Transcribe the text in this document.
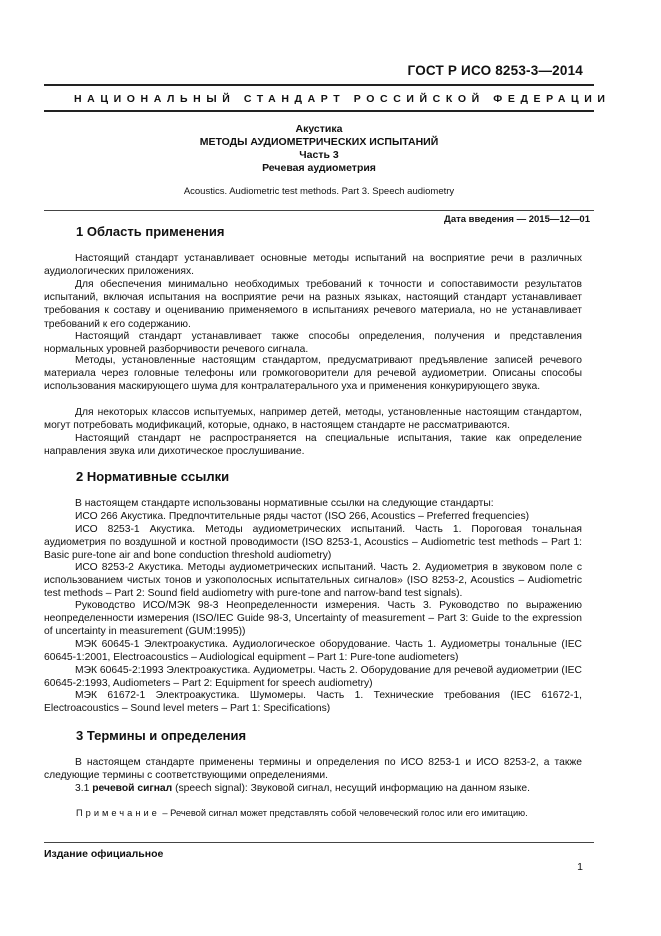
ГОСТ Р ИСО 8253-3—2014
НАЦИОНАЛЬНЫЙ СТАНДАРТ РОССИЙСКОЙ ФЕДЕРАЦИИ
Акустика
МЕТОДЫ АУДИОМЕТРИЧЕСКИХ ИСПЫТАНИЙ
Часть 3
Речевая аудиометрия
Acoustics. Audiometric test methods. Part 3. Speech audiometry
Дата введения — 2015—12—01
1 Область применения
Настоящий стандарт устанавливает основные методы испытаний на восприятие речи в различных аудиологических приложениях.
Для обеспечения минимально необходимых требований к точности и сопоставимости результатов испытаний, включая испытания на восприятие речи на разных языках, настоящий стандарт устанавливает требования к составу и оцениванию применяемого в испытаниях речевого материала, но не устанавливает требований к его содержанию.
Настоящий стандарт устанавливает также способы определения, получения и представления нормальных уровней разборчивости речевого сигнала.
Методы, установленные настоящим стандартом, предусматривают предъявление записей речевого материала через головные телефоны или громкоговорители для речевой аудиометрии. Описаны способы использования маскирующего шума для контралатерального уха и применения конкурирующего звука.
Для некоторых классов испытуемых, например детей, методы, установленные настоящим стандартом, могут потребовать модификаций, которые, однако, в настоящем стандарте не рассматриваются.
Настоящий стандарт не распространяется на специальные испытания, такие как определение направления звука или дихотическое прослушивание.
2 Нормативные ссылки
В настоящем стандарте использованы нормативные ссылки на следующие стандарты:
ИСО 266 Акустика. Предпочтительные ряды частот (ISO 266, Acoustics – Preferred frequencies)
ИСО 8253-1 Акустика. Методы аудиометрических испытаний. Часть 1. Пороговая тональная аудиометрия по воздушной и костной проводимости (ISO 8253-1, Acoustics – Audiometric test methods – Part 1: Basic pure-tone air and bone conduction threshold audiometry)
ИСО 8253-2 Акустика. Методы аудиометрических испытаний. Часть 2. Аудиометрия в звуковом поле с использованием чистых тонов и узкополосных испытательных сигналов» (ISO 8253-2, Acoustics – Audiometric test methods – Part 2: Sound field audiometry with pure-tone and narrow-band test signals).
Руководство ИСО/МЭК 98-3 Неопределенности измерения. Часть 3. Руководство по выражению неопределенности измерения (ISO/IEC Guide 98-3, Uncertainty of measurement – Part 3: Guide to the expression of uncertainty in measurement (GUM:1995))
МЭК 60645-1 Электроакустика. Аудиологическое оборудование. Часть 1. Аудиометры тональные (IEC 60645-1:2001, Electroacoustics – Audiological equipment – Part 1: Pure-tone audiometers)
МЭК 60645-2:1993 Электроакустика. Аудиометры. Часть 2. Оборудование для речевой аудиометрии (IEC 60645-2:1993, Audiometers – Part 2: Equipment for speech audiometry)
МЭК 61672-1 Электроакустика. Шумомеры. Часть 1. Технические требования (IEC 61672-1, Electroacoustics – Sound level meters – Part 1: Specifications)
3 Термины и определения
В настоящем стандарте применены термины и определения по ИСО 8253-1 и ИСО 8253-2, а также следующие термины с соответствующими определениями.
3.1 речевой сигнал (speech signal): Звуковой сигнал, несущий информацию на данном языке.
Примечание – Речевой сигнал может представлять собой человеческий голос или его имитацию.
Издание официальное
1
